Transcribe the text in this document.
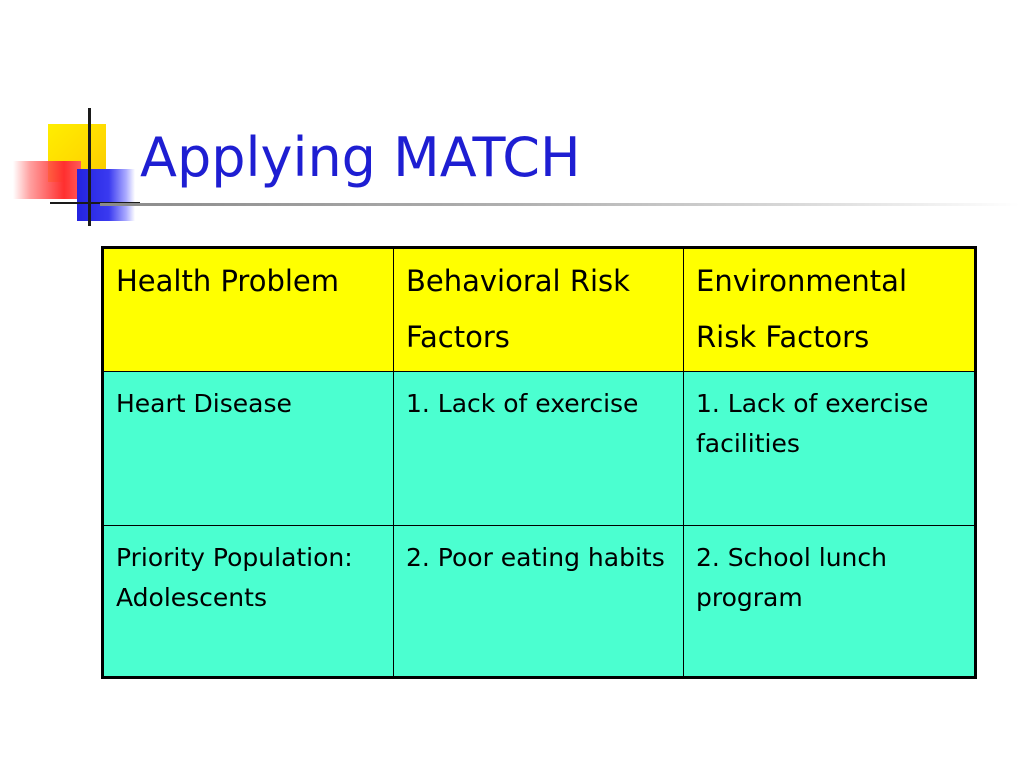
Applying MATCH
Health Problem	Behavioral Risk Factors	Environmental Risk Factors

Heart Disease	1. Lack of exercise	1. Lack of exercise facilities

Priority Population: Adolescents	2. Poor eating habits	2. School lunch program
